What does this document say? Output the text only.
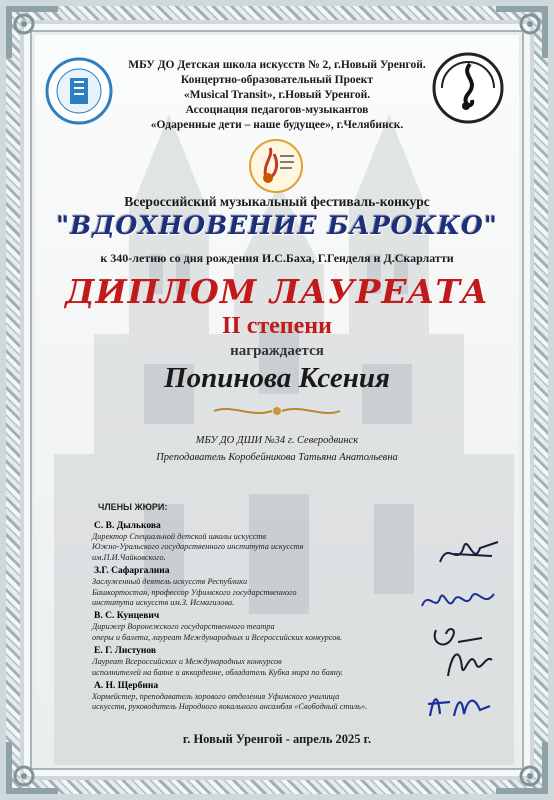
МБУ ДО Детская школа искусств № 2, г.Новый Уренгой.
Концертно-образовательный Проект
«Musical Transit», г.Новый Уренгой.
Ассоциация педагогов-музыкантов
«Одаренные дети – наше будущее», г.Челябинск.
Всероссийский музыкальный фестиваль-конкурс
"ВДОХНОВЕНИЕ БАРОККО"
к 340-летию со дня рождения И.С.Баха, Г.Генделя и Д.Скарлатти
ДИПЛОМ ЛАУРЕАТА
II степени
награждается
Попинова Ксения
МБУ ДО ДШИ №34 г. Северодвинск
Преподаватель Коробейникова Татьяна Анатольевна
ЧЛЕНЫ ЖЮРИ:
С. В. Дылькова
Директор Специальной детской школы искусств
Южно-Уральского государственного института искусств
им.П.И.Чайковского.
З.Г. Сафаргалина
Заслуженный деятель искусств Республики
Башкортостан, профессор Уфимского государственного
института искусств им.З. Исмагилова.
В. С. Кунцевич
Дирижер Воронежского государственного театра
оперы и балета, лауреат Международных и Всероссийских конкурсов.
Е. Г. Листунов
Лауреат Всероссийских и Международных конкурсов
исполнителей на баяне и аккордеоне, обладатель Кубка мира по баяну.
А. Н. Щербина
Хормейстер, преподаватель хорового отделения Уфимского училища
искусств, руководитель Народного вокального ансамбля «Свободный стиль».
г. Новый Уренгой - апрель 2025 г.
